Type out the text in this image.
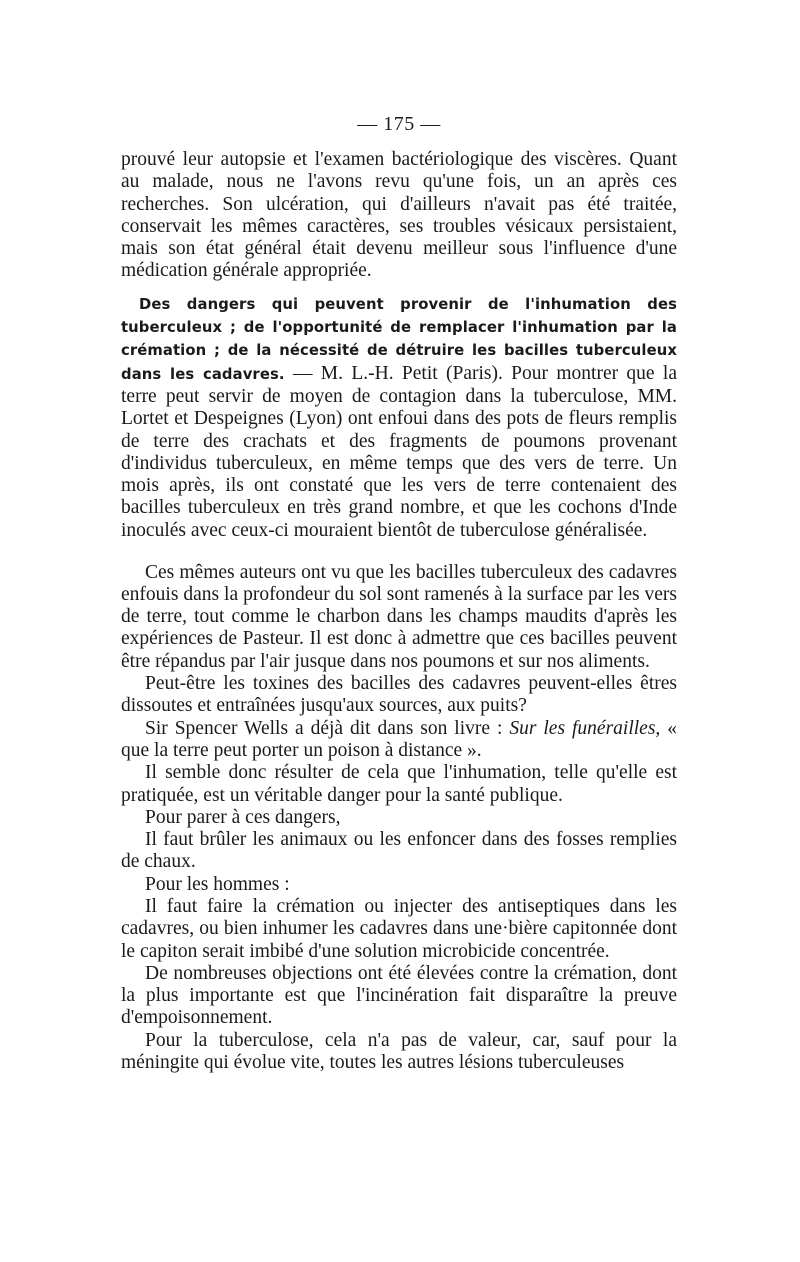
— 175 —

prouvé leur autopsie et l'examen bactériologique des viscères. Quant au malade, nous ne l'avons revu qu'une fois, un an après ces recherches. Son ulcération, qui d'ailleurs n'avait pas été traitée, conservait les mêmes caractères, ses troubles vésicaux persistaient, mais son état général était devenu meilleur sous l'influence d'une médication générale appropriée.

Des dangers qui peuvent provenir de l'inhumation des tuberculeux ; de l'opportunité de remplacer l'inhumation par la crémation ; de la nécessité de détruire les bacilles tuberculeux dans les cadavres. — M. L.-H. Petit (Paris). Pour montrer que la terre peut servir de moyen de contagion dans la tuberculose, MM. Lortet et Despeignes (Lyon) ont enfoui dans des pots de fleurs remplis de terre des crachats et des fragments de poumons provenant d'individus tuberculeux, en même temps que des vers de terre. Un mois après, ils ont constaté que les vers de terre contenaient des bacilles tuberculeux en très grand nombre, et que les cochons d'Inde inoculés avec ceux-ci mouraient bientôt de tuberculose généralisée.

Ces mêmes auteurs ont vu que les bacilles tuberculeux des cadavres enfouis dans la profondeur du sol sont ramenés à la surface par les vers de terre, tout comme le charbon dans les champs maudits d'après les expériences de Pasteur. Il est donc à admettre que ces bacilles peuvent être répandus par l'air jusque dans nos poumons et sur nos aliments.

Peut-être les toxines des bacilles des cadavres peuvent-elles êtres dissoutes et entraînées jusqu'aux sources, aux puits?

Sir Spencer Wells a déjà dit dans son livre : Sur les funérailles, « que la terre peut porter un poison à distance ».

Il semble donc résulter de cela que l'inhumation, telle qu'elle est pratiquée, est un véritable danger pour la santé publique.

Pour parer à ces dangers,

Il faut brûler les animaux ou les enfoncer dans des fosses remplies de chaux.

Pour les hommes :

Il faut faire la crémation ou injecter des antiseptiques dans les cadavres, ou bien inhumer les cadavres dans une·bière capitonnée dont le capiton serait imbibé d'une solution microbicide concentrée.

De nombreuses objections ont été élevées contre la crémation, dont la plus importante est que l'incinération fait disparaître la preuve d'empoisonnement.

Pour la tuberculose, cela n'a pas de valeur, car, sauf pour la méningite qui évolue vite, toutes les autres lésions tuberculeuses
